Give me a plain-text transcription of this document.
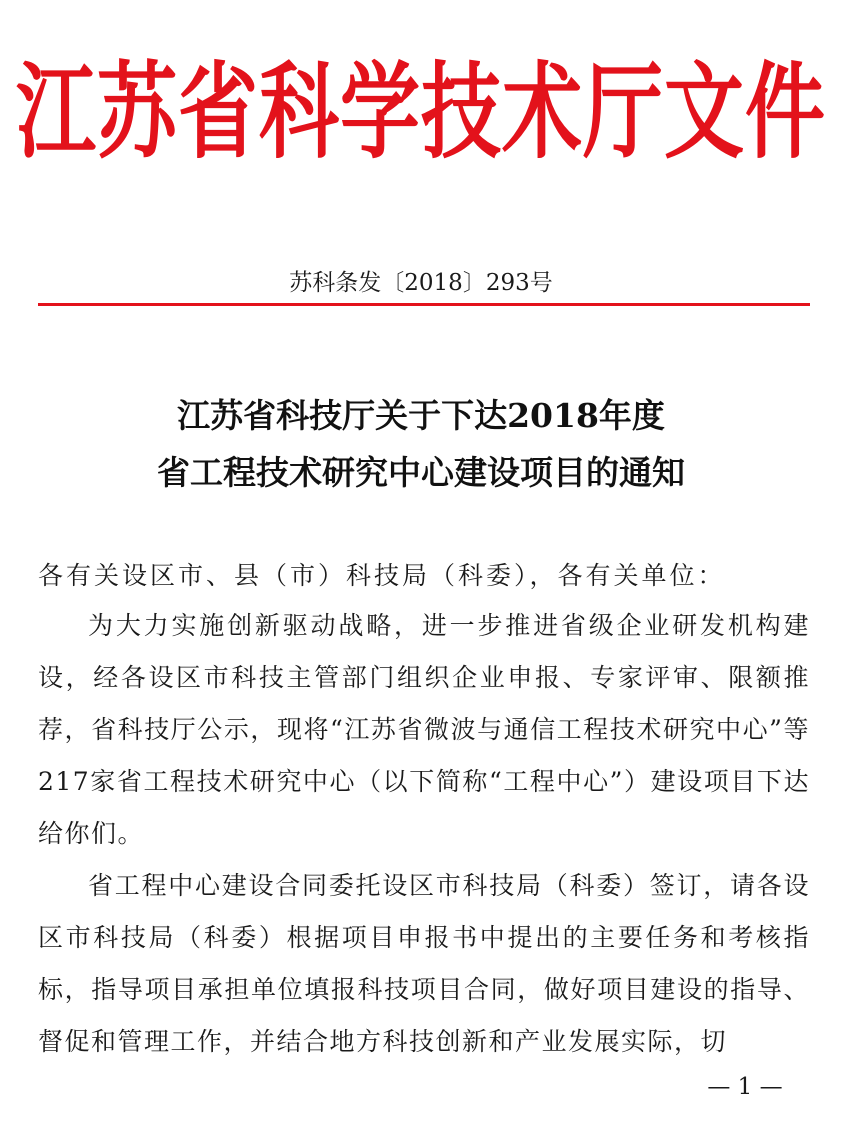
江苏省科学技术厅文件
苏科条发〔2018〕293号
江苏省科技厅关于下达2018年度
省工程技术研究中心建设项目的通知
各有关设区市、县（市）科技局（科委），各有关单位：
为大力实施创新驱动战略，进一步推进省级企业研发机构建设，经各设区市科技主管部门组织企业申报、专家评审、限额推荐，省科技厅公示，现将“江苏省微波与通信工程技术研究中心”等217家省工程技术研究中心（以下简称“工程中心”）建设项目下达给你们。
省工程中心建设合同委托设区市科技局（科委）签订，请各设区市科技局（科委）根据项目申报书中提出的主要任务和考核指标，指导项目承担单位填报科技项目合同，做好项目建设的指导、督促和管理工作，并结合地方科技创新和产业发展实际，切
— 1 —
